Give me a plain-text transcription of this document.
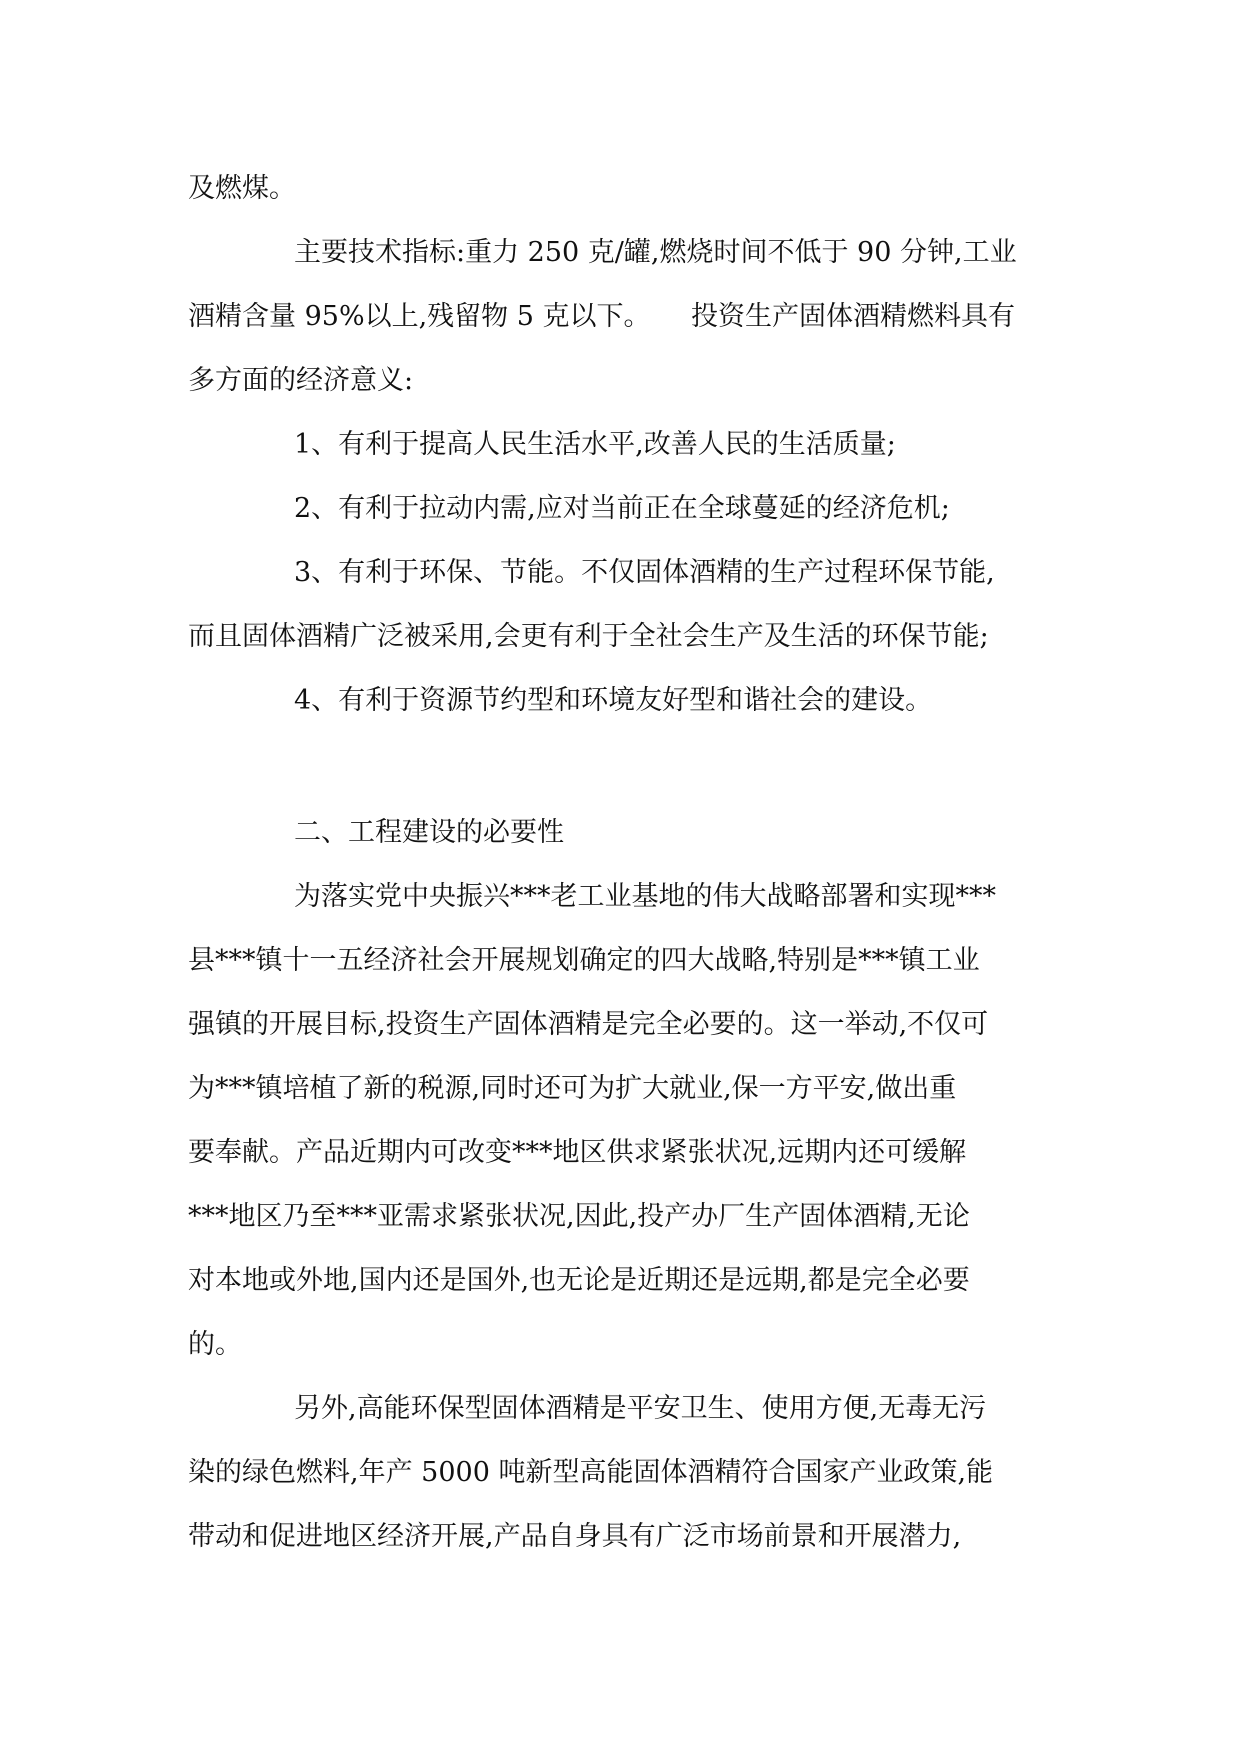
及燃煤。
主要技术指标:重力 250 克/罐,燃烧时间不低于 90 分钟,工业
酒精含量 95%以上,残留物 5 克以下。　　投资生产固体酒精燃料具有
多方面的经济意义:
1、有利于提高人民生活水平,改善人民的生活质量;
2、有利于拉动内需,应对当前正在全球蔓延的经济危机;
3、有利于环保、节能。不仅固体酒精的生产过程环保节能,
而且固体酒精广泛被采用,会更有利于全社会生产及生活的环保节能;
4、有利于资源节约型和环境友好型和谐社会的建设。
二、工程建设的必要性
为落实党中央振兴***老工业基地的伟大战略部署和实现***
县***镇十一五经济社会开展规划确定的四大战略,特别是***镇工业
强镇的开展目标,投资生产固体酒精是完全必要的。这一举动,不仅可
为***镇培植了新的税源,同时还可为扩大就业,保一方平安,做出重
要奉献。产品近期内可改变***地区供求紧张状况,远期内还可缓解
***地区乃至***亚需求紧张状况,因此,投产办厂生产固体酒精,无论
对本地或外地,国内还是国外,也无论是近期还是远期,都是完全必要
的。
另外,高能环保型固体酒精是平安卫生、使用方便,无毒无污
染的绿色燃料,年产 5000 吨新型高能固体酒精符合国家产业政策,能
带动和促进地区经济开展,产品自身具有广泛市场前景和开展潜力,
